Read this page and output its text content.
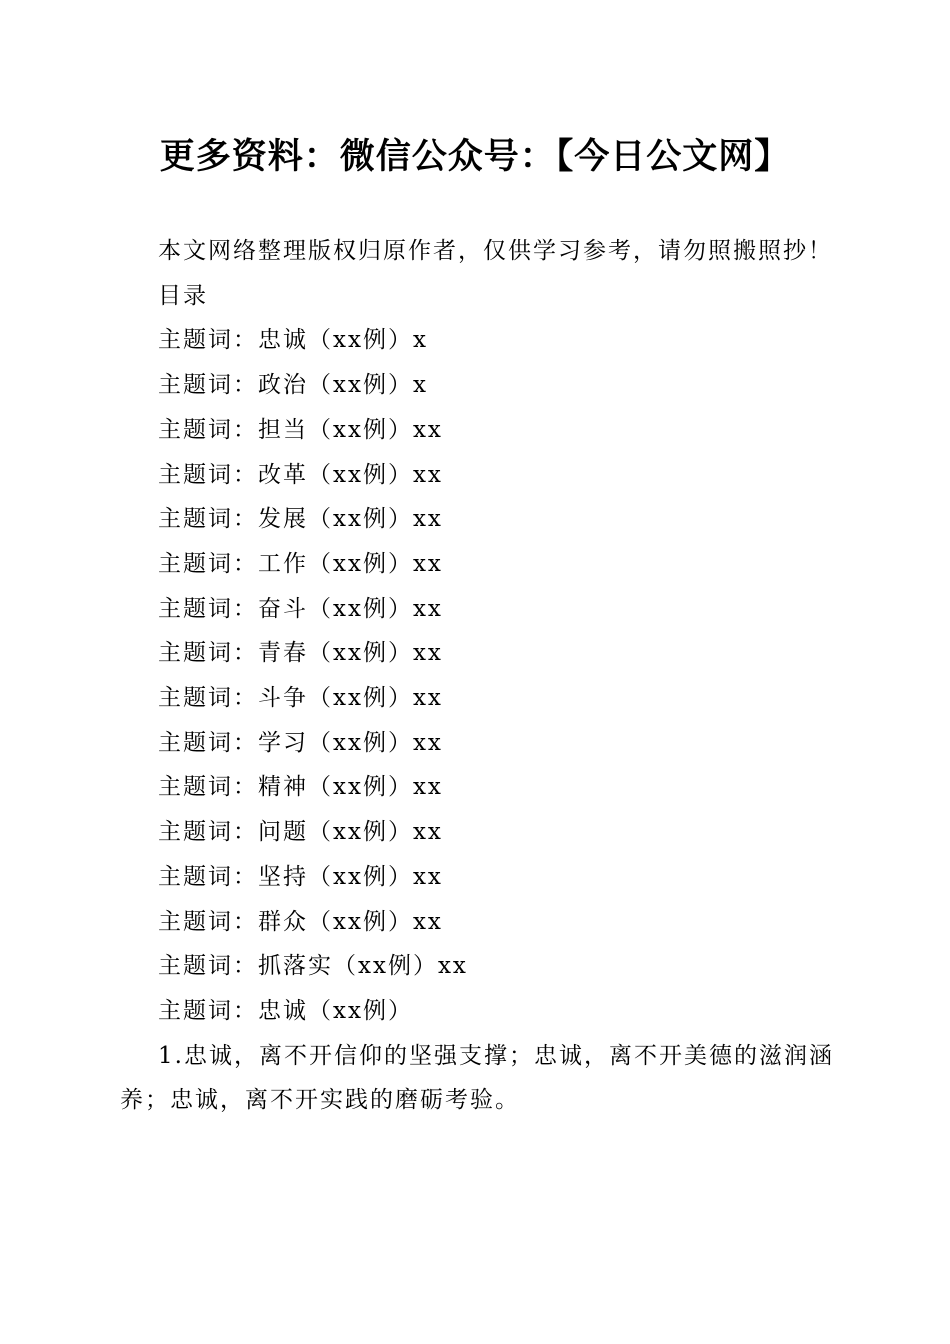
更多资料：微信公众号：【今日公文网】
本文网络整理版权归原作者，仅供学习参考，请勿照搬照抄！
目录
主题词：忠诚（xx例）x
主题词：政治（xx例）x
主题词：担当（xx例）xx
主题词：改革（xx例）xx
主题词：发展（xx例）xx
主题词：工作（xx例）xx
主题词：奋斗（xx例）xx
主题词：青春（xx例）xx
主题词：斗争（xx例）xx
主题词：学习（xx例）xx
主题词：精神（xx例）xx
主题词：问题（xx例）xx
主题词：坚持（xx例）xx
主题词：群众（xx例）xx
主题词：抓落实（xx例）xx
主题词：忠诚（xx例）

1.忠诚，离不开信仰的坚强支撑；忠诚，离不开美德的滋润涵养；忠诚，离不开实践的磨砺考验。
